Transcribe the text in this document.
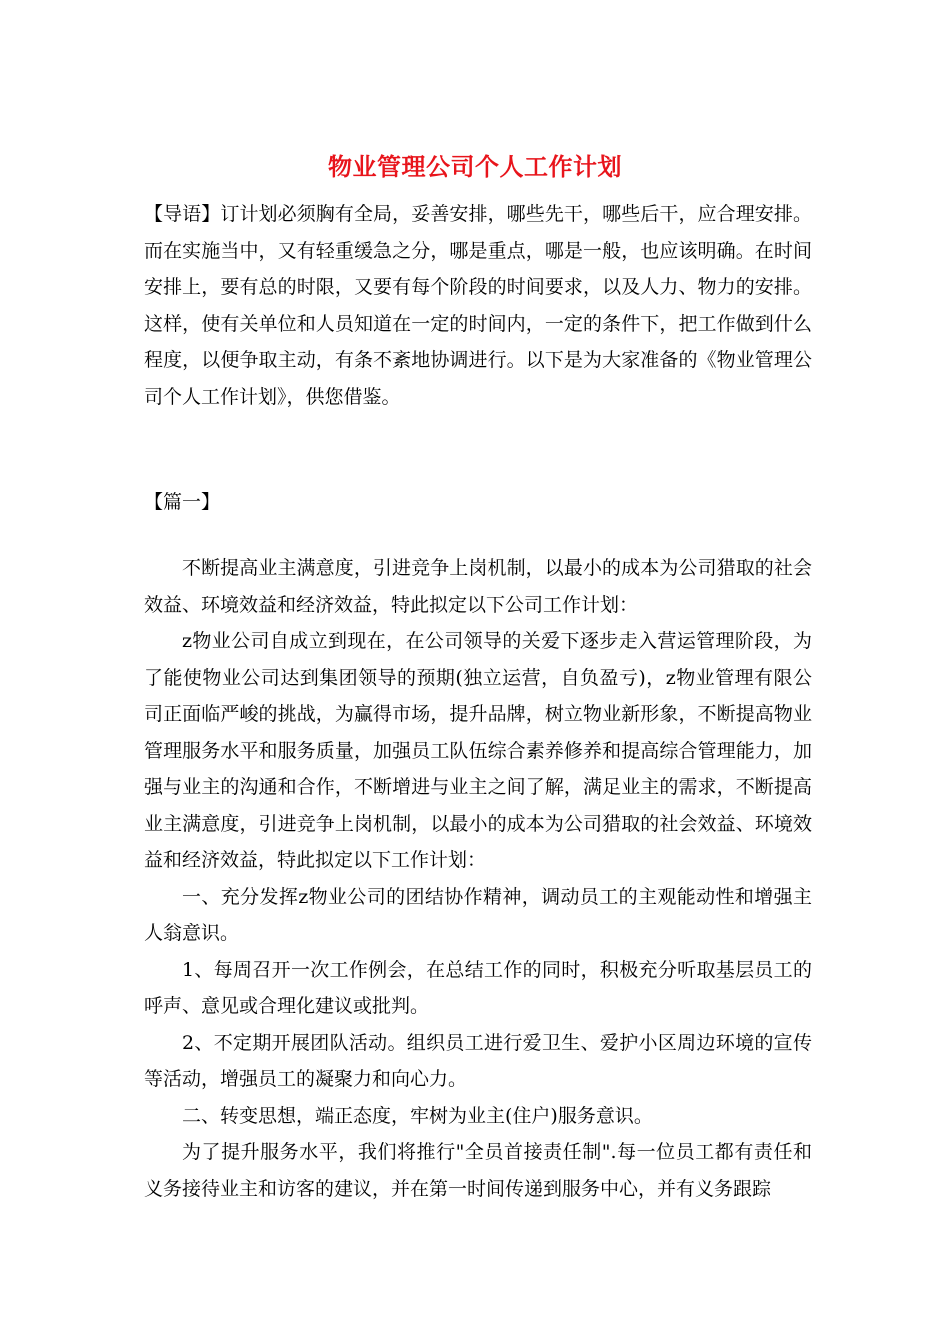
物业管理公司个人工作计划

【导语】订计划必须胸有全局，妥善安排，哪些先干，哪些后干，应合理安排。而在实施当中，又有轻重缓急之分，哪是重点，哪是一般，也应该明确。在时间安排上，要有总的时限，又要有每个阶段的时间要求，以及人力、物力的安排。这样，使有关单位和人员知道在一定的时间内，一定的条件下，把工作做到什么程度，以便争取主动，有条不紊地协调进行。以下是为大家准备的《物业管理公司个人工作计划》，供您借鉴。

【篇一】

不断提高业主满意度，引进竞争上岗机制，以最小的成本为公司猎取的社会效益、环境效益和经济效益，特此拟定以下公司工作计划：

z物业公司自成立到现在，在公司领导的关爱下逐步走入营运管理阶段，为了能使物业公司达到集团领导的预期(独立运营，自负盈亏)，z物业管理有限公司正面临严峻的挑战，为赢得市场，提升品牌，树立物业新形象，不断提高物业管理服务水平和服务质量，加强员工队伍综合素养修养和提高综合管理能力，加强与业主的沟通和合作，不断增进与业主之间了解，满足业主的需求，不断提高业主满意度，引进竞争上岗机制，以最小的成本为公司猎取的社会效益、环境效益和经济效益，特此拟定以下工作计划：

一、充分发挥z物业公司的团结协作精神，调动员工的主观能动性和增强主人翁意识。

1、每周召开一次工作例会，在总结工作的同时，积极充分听取基层员工的呼声、意见或合理化建议或批判。

2、不定期开展团队活动。组织员工进行爱卫生、爱护小区周边环境的宣传等活动，增强员工的凝聚力和向心力。

二、转变思想，端正态度，牢树为业主(住户)服务意识。

为了提升服务水平，我们将推行"全员首接责任制".每一位员工都有责任和义务接待业主和访客的建议，并在第一时间传递到服务中心，并有义务跟踪
